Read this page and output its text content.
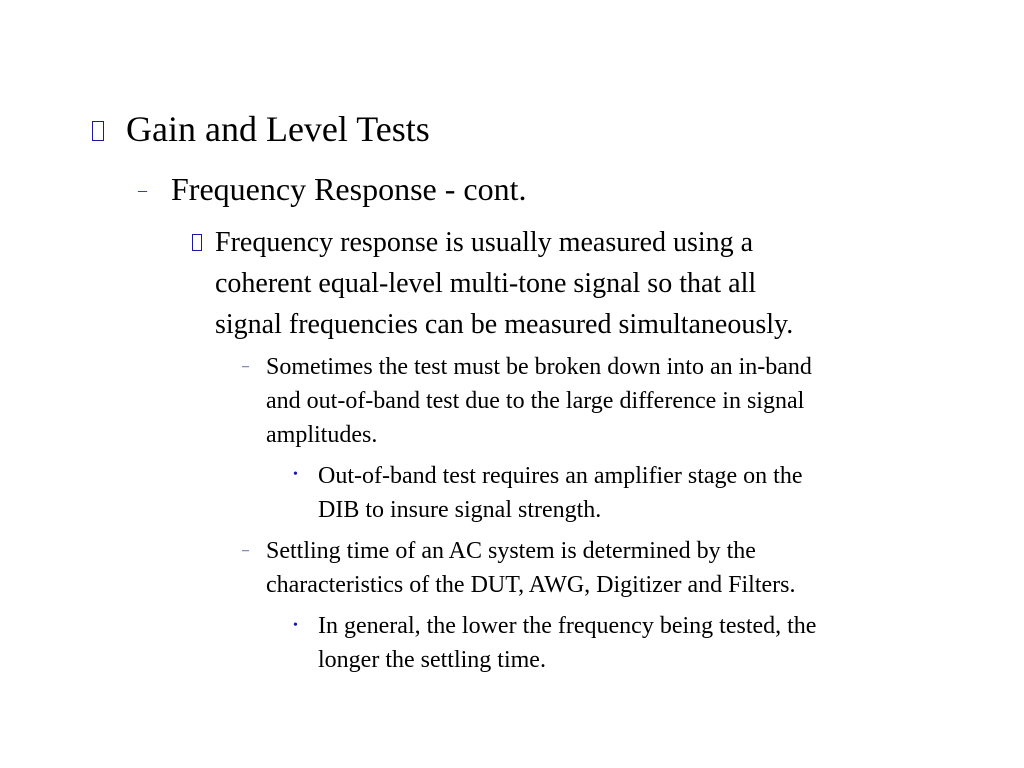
Gain and Level Tests
– Frequency Response - cont.
Frequency response is usually measured using a
coherent equal-level multi-tone signal so that all
signal frequencies can be measured simultaneously.
– Sometimes the test must be broken down into an in-band
and out-of-band test due to the large difference in signal
amplitudes.
• Out-of-band test requires an amplifier stage on the
DIB to insure signal strength.
– Settling time of an AC system is determined by the
characteristics of the DUT, AWG, Digitizer and Filters.
• In general, the lower the frequency being tested, the
longer the settling time.
